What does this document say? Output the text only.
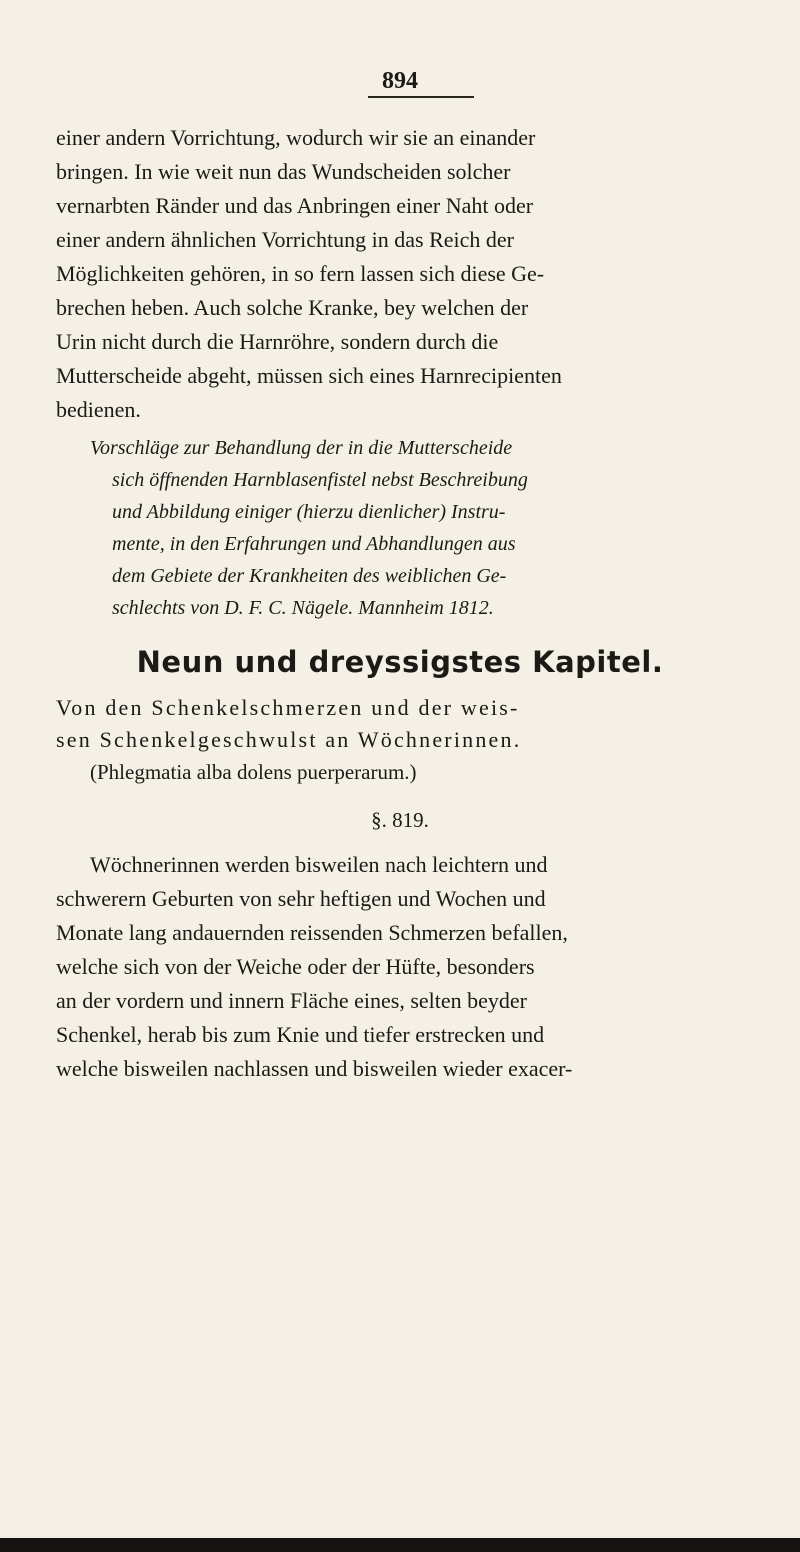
894
einer andern Vorrichtung, wodurch wir sie an einander
bringen. In wie weit nun das Wundscheiden solcher
vernarbten Ränder und das Anbringen einer Naht oder
einer andern ähnlichen Vorrichtung in das Reich der
Möglichkeiten gehören, in so fern lassen sich diese Ge-
brechen heben. Auch solche Kranke, bey welchen der
Urin nicht durch die Harnröhre, sondern durch die
Mutterscheide abgeht, müssen sich eines Harnrecipienten
bedienen.
Vorschläge zur Behandlung der in die Mutterscheide
sich öffnenden Harnblasenfistel nebst Beschreibung
und Abbildung einiger (hierzu dienlicher) Instru-
mente, in den Erfahrungen und Abhandlungen aus
dem Gebiete der Krankheiten des weiblichen Ge-
schlechts von D. F. C. Nägele. Mannheim 1812.
Neun und dreyssigstes Kapitel.
Von den Schenkelschmerzen und der weis-
sen Schenkelgeschwulst an Wöchnerinnen.
(Phlegmatia alba dolens puerperarum.)
§. 819.
Wöchnerinnen werden bisweilen nach leichtern und
schwerern Geburten von sehr heftigen und Wochen und
Monate lang andauernden reissenden Schmerzen befallen,
welche sich von der Weiche oder der Hüfte, besonders
an der vordern und innern Fläche eines, selten beyder
Schenkel, herab bis zum Knie und tiefer erstrecken und
welche bisweilen nachlassen und bisweilen wieder exacer-
